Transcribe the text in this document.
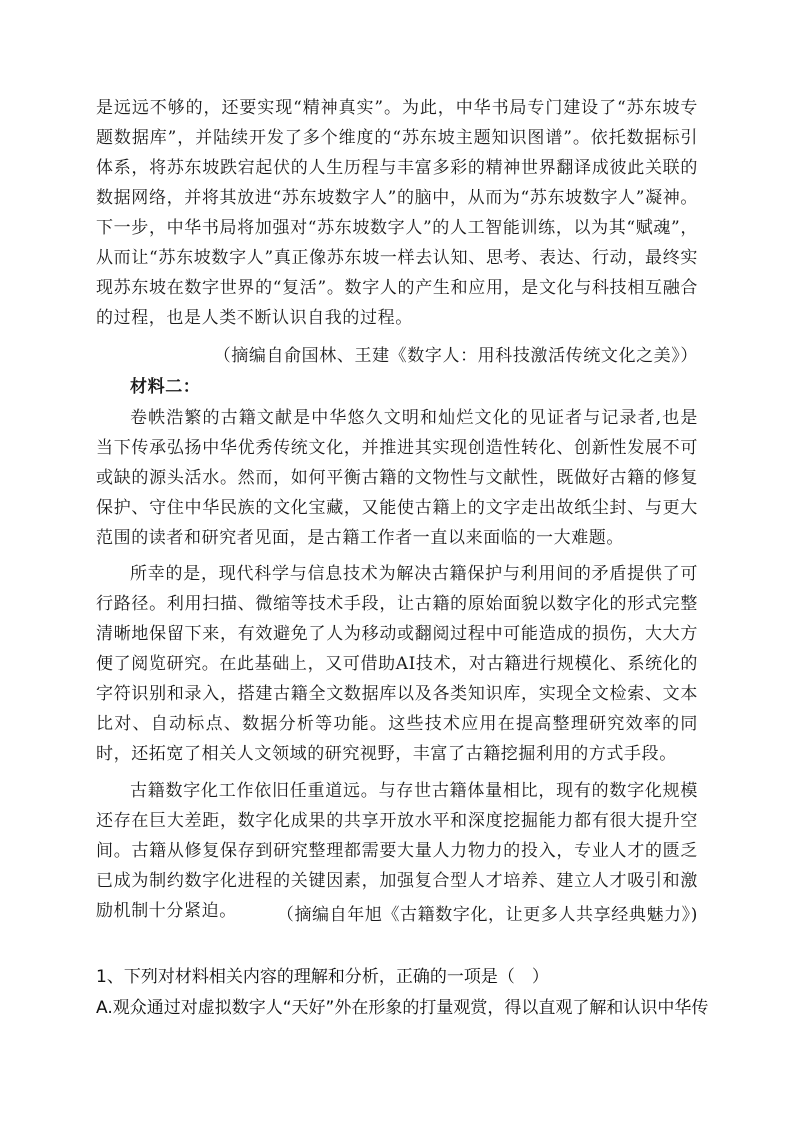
是远远不够的，还要实现“精神真实”。为此，中华书局专门建设了“苏东坡专题数据库”，并陆续开发了多个维度的“苏东坡主题知识图谱”。依托数据标引体系，将苏东坡跌宕起伏的人生历程与丰富多彩的精神世界翻译成彼此关联的数据网络，并将其放进“苏东坡数字人”的脑中，从而为“苏东坡数字人”凝神。下一步，中华书局将加强对“苏东坡数字人”的人工智能训练，以为其“赋魂”，从而让“苏东坡数字人”真正像苏东坡一样去认知、思考、表达、行动，最终实现苏东坡在数字世界的“复活”。数字人的产生和应用，是文化与科技相互融合的过程，也是人类不断认识自我的过程。

（摘编自俞国林、王建《数字人：用科技激活传统文化之美》）

材料二：

卷帙浩繁的古籍文献是中华悠久文明和灿烂文化的见证者与记录者,也是当下传承弘扬中华优秀传统文化，并推进其实现创造性转化、创新性发展不可或缺的源头活水。然而，如何平衡古籍的文物性与文献性，既做好古籍的修复保护、守住中华民族的文化宝藏，又能使古籍上的文字走出故纸尘封、与更大范围的读者和研究者见面，是古籍工作者一直以来面临的一大难题。

所幸的是，现代科学与信息技术为解决古籍保护与利用间的矛盾提供了可行路径。利用扫描、微缩等技术手段，让古籍的原始面貌以数字化的形式完整清晰地保留下来，有效避免了人为移动或翻阅过程中可能造成的损伤，大大方便了阅览研究。在此基础上，又可借助AI技术，对古籍进行规模化、系统化的字符识别和录入，搭建古籍全文数据库以及各类知识库，实现全文检索、文本比对、自动标点、数据分析等功能。这些技术应用在提高整理研究效率的同时，还拓宽了相关人文领域的研究视野，丰富了古籍挖掘利用的方式手段。

古籍数字化工作依旧任重道远。与存世古籍体量相比，现有的数字化规模还存在巨大差距，数字化成果的共享开放水平和深度挖掘能力都有很大提升空间。古籍从修复保存到研究整理都需要大量人力物力的投入，专业人才的匮乏已成为制约数字化进程的关键因素，加强复合型人才培养、建立人才吸引和激励机制十分紧迫。	（摘编自年旭《古籍数字化，让更多人共享经典魅力》)

1、下列对材料相关内容的理解和分析，正确的一项是（　）

A.观众通过对虚拟数字人“天好”外在形象的打量观赏，得以直观了解和认识中华传
